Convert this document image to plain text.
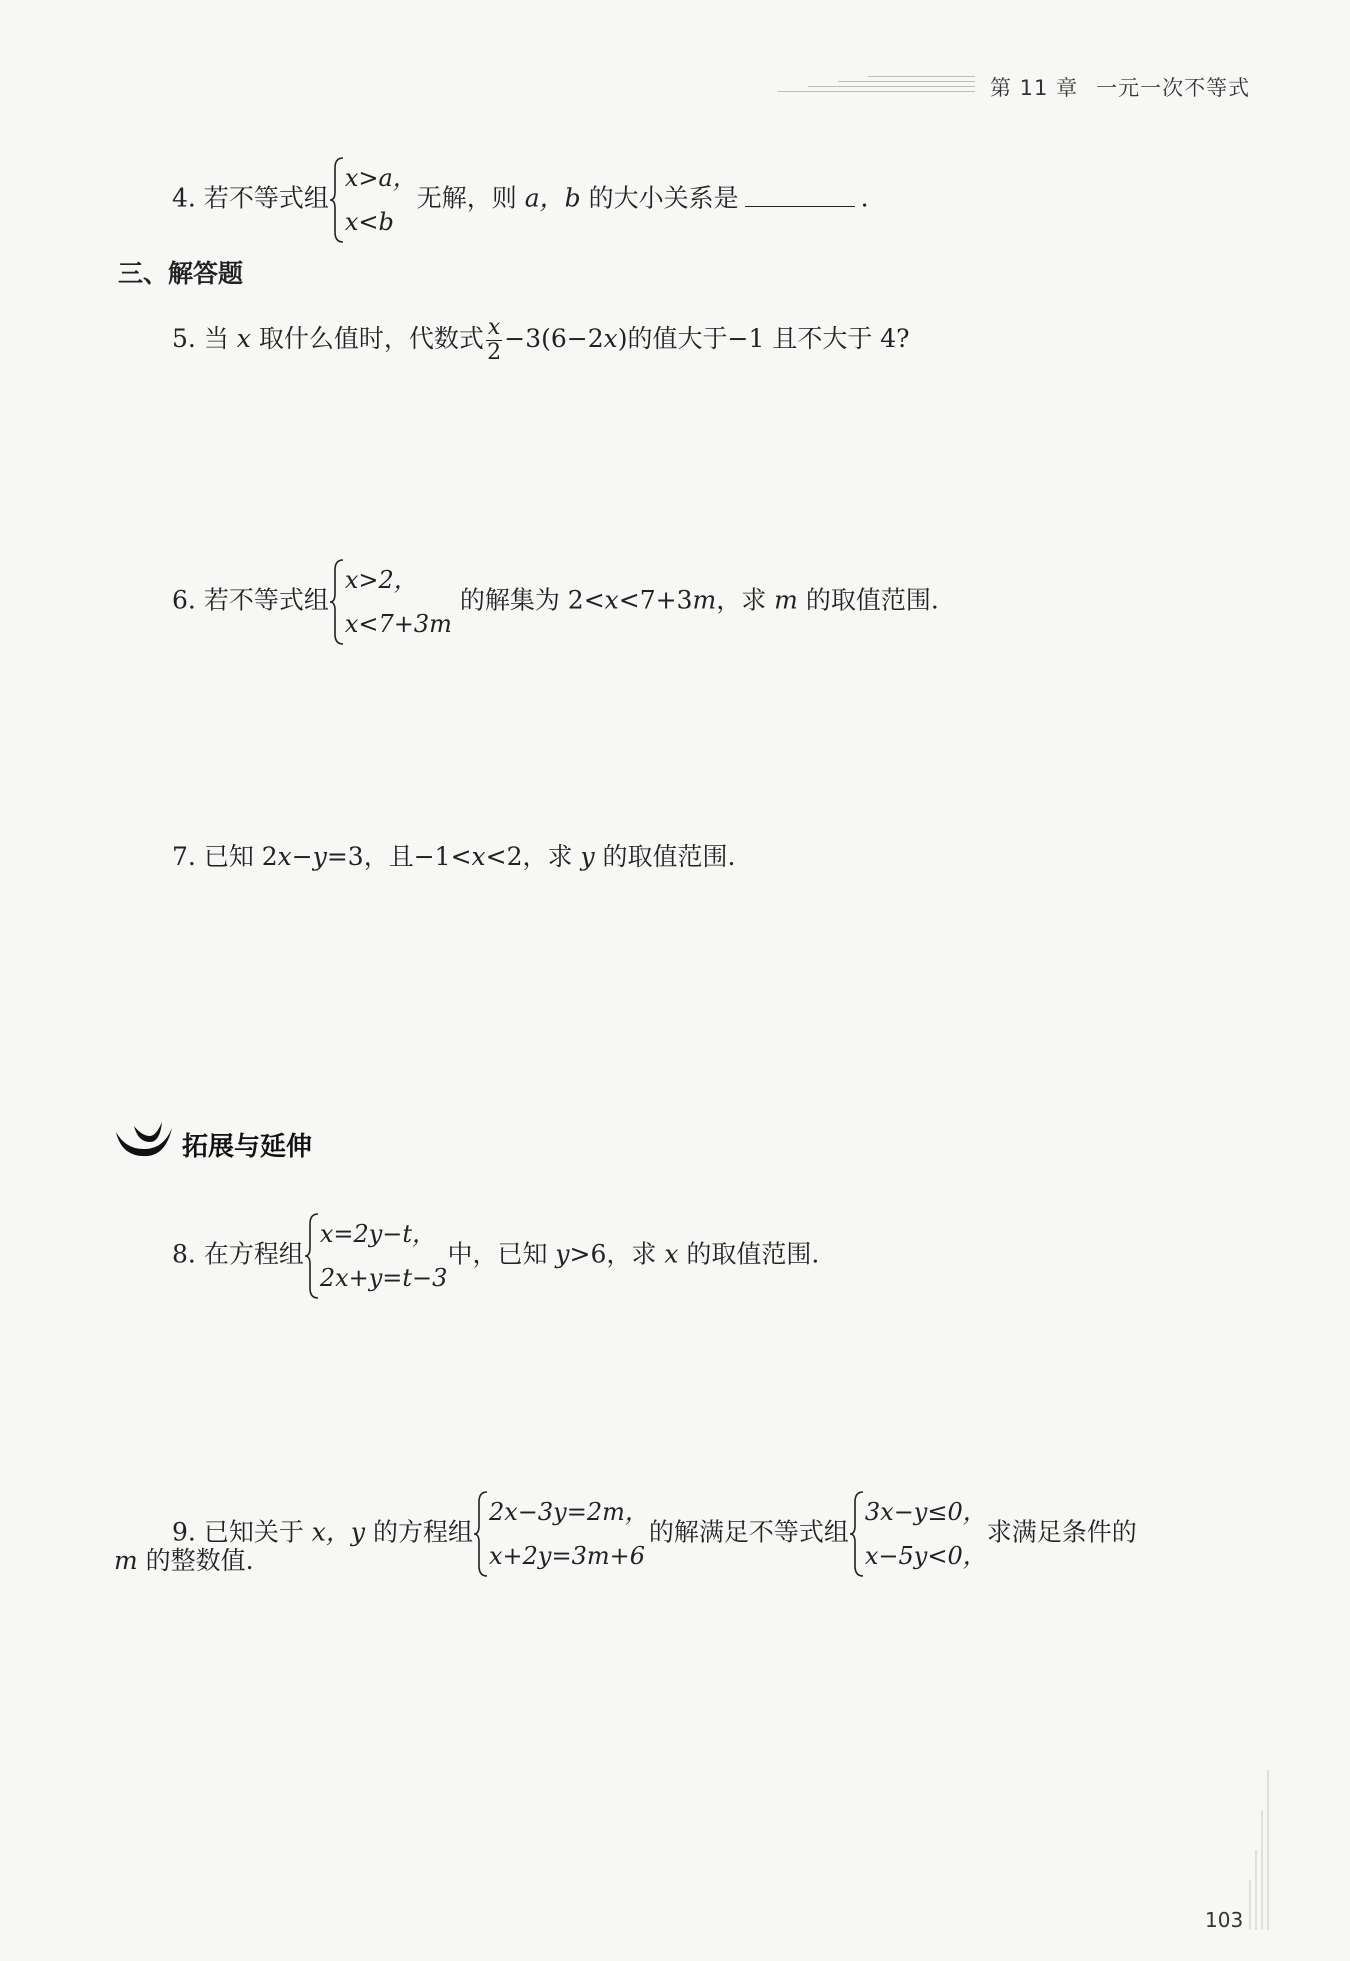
第 11 章 一元一次不等式
4. 若不等式组
x>a，
x<b
无解，则 a，b 的大小关系是	.
三、解答题
5. 当 x 取什么值时，代数式 $\frac{x}{2} -3(6-2x)$的值大于−1 且不大于 4?
6. 若不等式组
x>2，
x<7+3m
的解集为 2<x<7+3m，求 m 的取值范围.
7. 已知 2x−y=3，且−1<x<2，求 y 的取值范围.
拓展与延伸
8. 在方程组
x=2y−t，
2x+y=t−3
中，已知 y>6，求 x 的取值范围.
9. 已知关于 x，y 的方程组
2x−3y=2m，
x+2y=3m+6
的解满足不等式组
3x−y≤0，
x−5y<0，
求满足条件的
m 的整数值.
103
